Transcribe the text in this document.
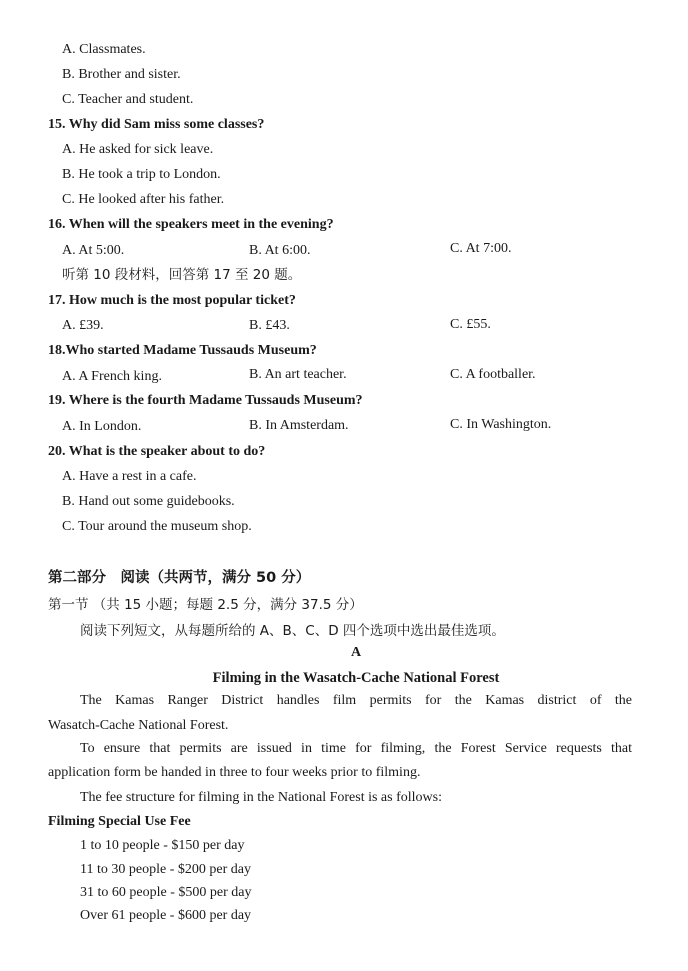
A. Classmates.
B. Brother and sister.
C. Teacher and student.
15. Why did Sam miss some classes?
A. He asked for sick leave.
B. He took a trip to London.
C. He looked after his father.
16. When will the speakers meet in the evening?
A. At 5:00.	B. At 6:00.	C. At 7:00.
听第 10 段材料，回答第 17 至 20 题。
17. How much is the most popular ticket?
A. £39.	B. £43.	C. £55.
18.Who started Madame Tussauds Museum?
A. A French king.	B. An art teacher.	C. A footballer.
19. Where is the fourth Madame Tussauds Museum?
A. In London.	B. In Amsterdam.	C. In Washington.
20. What is the speaker about to do?
A. Have a rest in a cafe.
B. Hand out some guidebooks.
C. Tour around the museum shop.
第二部分　阅读（共两节，满分 50 分）
第一节 （共 15 小题；每题 2.5 分，满分 37.5 分）
阅读下列短文，从每题所给的 A、B、C、D 四个选项中选出最佳选项。
A
Filming in the Wasatch-Cache National Forest
The Kamas Ranger District handles film permits for the Kamas district of the
Wasatch-Cache National Forest.
To ensure that permits are issued in time for filming, the Forest Service requests that
application form be handed in three to four weeks prior to filming.
The fee structure for filming in the National Forest is as follows:
Filming Special Use Fee
1 to 10 people - $150 per day
11 to 30 people - $200 per day
31 to 60 people - $500 per day
Over 61 people - $600 per day
